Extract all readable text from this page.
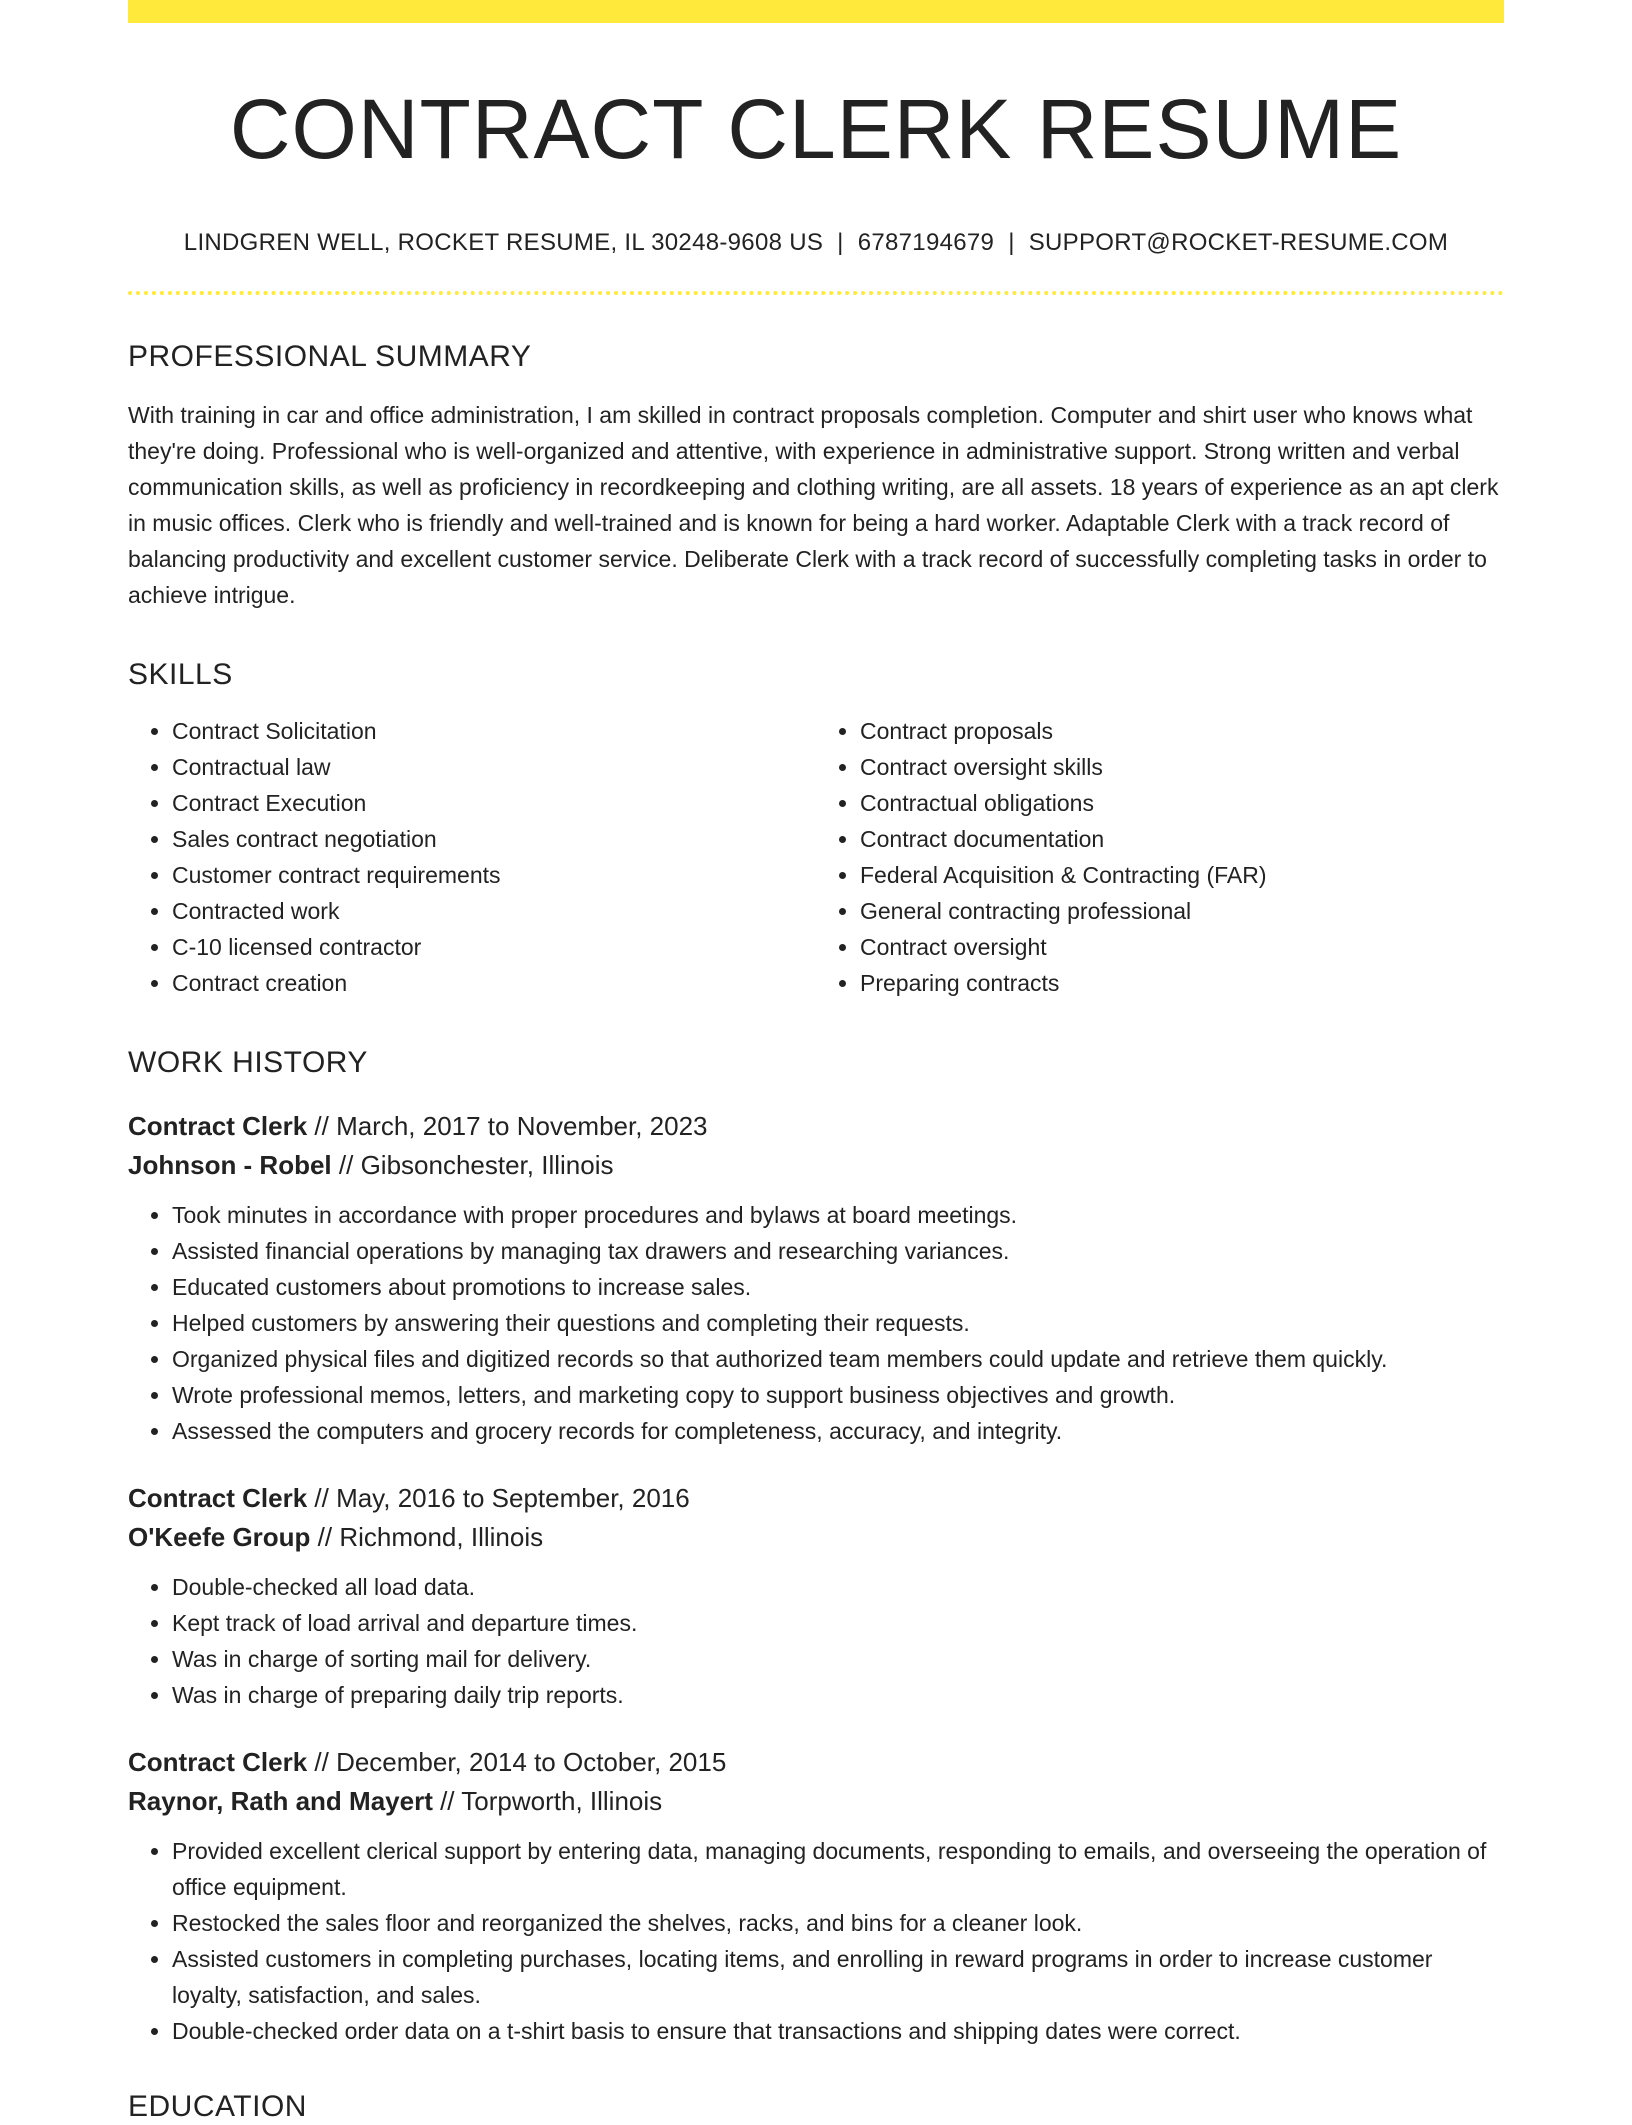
CONTRACT CLERK RESUME
LINDGREN WELL, ROCKET RESUME, IL 30248-9608 US | 6787194679 | SUPPORT@ROCKET-RESUME.COM
PROFESSIONAL SUMMARY

With training in car and office administration, I am skilled in contract proposals completion. Computer and shirt user who knows what they're doing. Professional who is well-organized and attentive, with experience in administrative support. Strong written and verbal communication skills, as well as proficiency in recordkeeping and clothing writing, are all assets. 18 years of experience as an apt clerk in music offices. Clerk who is friendly and well-trained and is known for being a hard worker. Adaptable Clerk with a track record of balancing productivity and excellent customer service. Deliberate Clerk with a track record of successfully completing tasks in order to achieve intrigue.

SKILLS
• Contract Solicitation
• Contractual law
• Contract Execution
• Sales contract negotiation
• Customer contract requirements
• Contracted work
• C-10 licensed contractor
• Contract creation
• Contract proposals
• Contract oversight skills
• Contractual obligations
• Contract documentation
• Federal Acquisition & Contracting (FAR)
• General contracting professional
• Contract oversight
• Preparing contracts
WORK HISTORY
Contract Clerk // March, 2017 to November, 2023
Johnson - Robel // Gibsonchester, Illinois
• Took minutes in accordance with proper procedures and bylaws at board meetings.
• Assisted financial operations by managing tax drawers and researching variances.
• Educated customers about promotions to increase sales.
• Helped customers by answering their questions and completing their requests.
• Organized physical files and digitized records so that authorized team members could update and retrieve them quickly.
• Wrote professional memos, letters, and marketing copy to support business objectives and growth.
• Assessed the computers and grocery records for completeness, accuracy, and integrity.
Contract Clerk // May, 2016 to September, 2016
O'Keefe Group // Richmond, Illinois
• Double-checked all load data.
• Kept track of load arrival and departure times.
• Was in charge of sorting mail for delivery.
• Was in charge of preparing daily trip reports.
Contract Clerk // December, 2014 to October, 2015
Raynor, Rath and Mayert // Torpworth, Illinois
• Provided excellent clerical support by entering data, managing documents, responding to emails, and overseeing the operation of office equipment.
• Restocked the sales floor and reorganized the shelves, racks, and bins for a cleaner look.
• Assisted customers in completing purchases, locating items, and enrolling in reward programs in order to increase customer loyalty, satisfaction, and sales.
• Double-checked order data on a t-shirt basis to ensure that transactions and shipping dates were correct.
EDUCATION
